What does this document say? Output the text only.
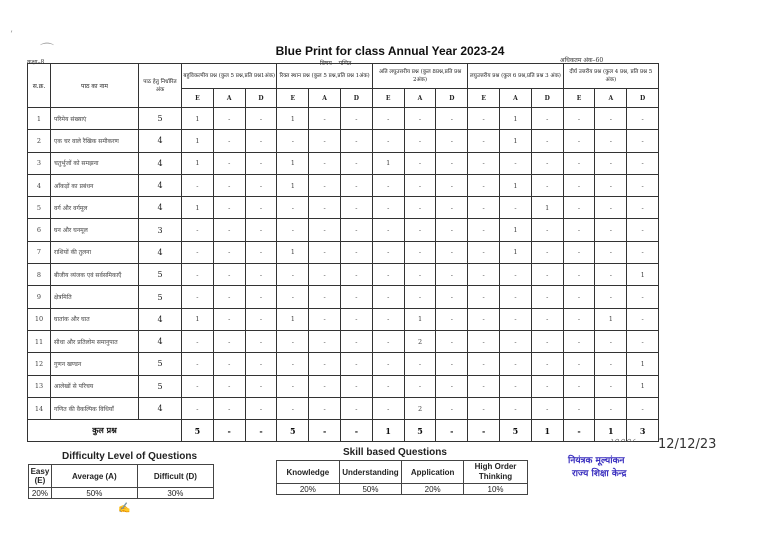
ʼ
⌒	Blue Print for class Annual Year 2023-24
विषय – गणित
कक्षा–8	अधिकतम अंक–60
स.क्र.	पाठ का नाम	पाठ हेतु निर्धारित अंक	बहुविकल्पीय प्रश्न (कुल 5 प्रश्न,प्रति प्रश्न1अंक)			रिक्त स्थान प्रश्न (कुल 5 प्रश्न,प्रति प्रश्न 1अंक)			अति लघुउत्तरीय प्रश्न (कुल 8प्रश्न,प्रति प्रश्न 2अंक)			लघुउत्तरीय प्रश्न (कुल 6 प्रश्न,प्रति प्रश्न 3 अंक)			दीर्घ उत्तरीय प्रश्न (कुल 4 प्रश्न, प्रति प्रश्न 5 अंक)		
			E	A	D	E	A	D	E	A	D	E	A	D	E	A	D
1	परिमेय संख्याएं	5	1	-	-	1	-	-	-	-	-	-	1	-	-	-	-
2	एक चर वाले रैखिक समीकरण	4	1	-	-	-	-	-	-	-	-	-	1	-	-	-	-
3	चतुर्भुजों को समझना	4	1	-	-	1	-	-	1	-	-	-	-	-	-	-	-
4	आँकड़ों का प्रबंधन	4	-	-	-	1	-	-	-	-	-	-	1	-	-	-	-
5	वर्ग और वर्गमूल	4	1	-	-	-	-	-	-	-	-	-	-	1	-	-	-
6	घन और घनमूल	3	-	-	-	-	-	-	-	-	-	-	1	-	-	-	-
7	राशियों की तुलना	4	-	-	-	1	-	-	-	-	-	-	1	-	-	-	-
8	बीजीय व्यंजक एवं सर्वसमिकाएँ	5	-	-	-	-	-	-	-	-	-	-	-	-	-	-	1
9	क्षेत्रमिति	5	-	-	-	-	-	-	-	-	-	-	-	-	-	-	-
10	घातांक और घात	4	1	-	-	1	-	-	-	1	-	-	-	-	-	1	-
11	सीधा और प्रतिलोम समानुपात	4	-	-	-	-	-	-	-	2	-	-	-	-	-	-	-
12	गुणन खण्डन	5	-	-	-	-	-	-	-	-	-	-	-	-	-	-	1
13	आलेखों से परिचय	5	-	-	-	-	-	-	-	-	-	-	-	-	-	-	1
14	गणित की वैकल्पिक विधियाँ	4	-	-	-	-	-	-	-	2	-	-	-	-	-	-	-
कुल प्रश्न			5	-	-	5	-	-	1	5	-	-	5	1	-	1	3
Difficulty Level of Questions
Easy (E)	Average (A)	Difficult (D)
20%	50%	30%
Skill based Questions
Knowledge	Understanding	Application	High Order Thinking
20%	50%	20%	10%
✍
〰〰 12/12/23
नियंत्रक मूल्यांकन
राज्य शिक्षा केन्द्र
